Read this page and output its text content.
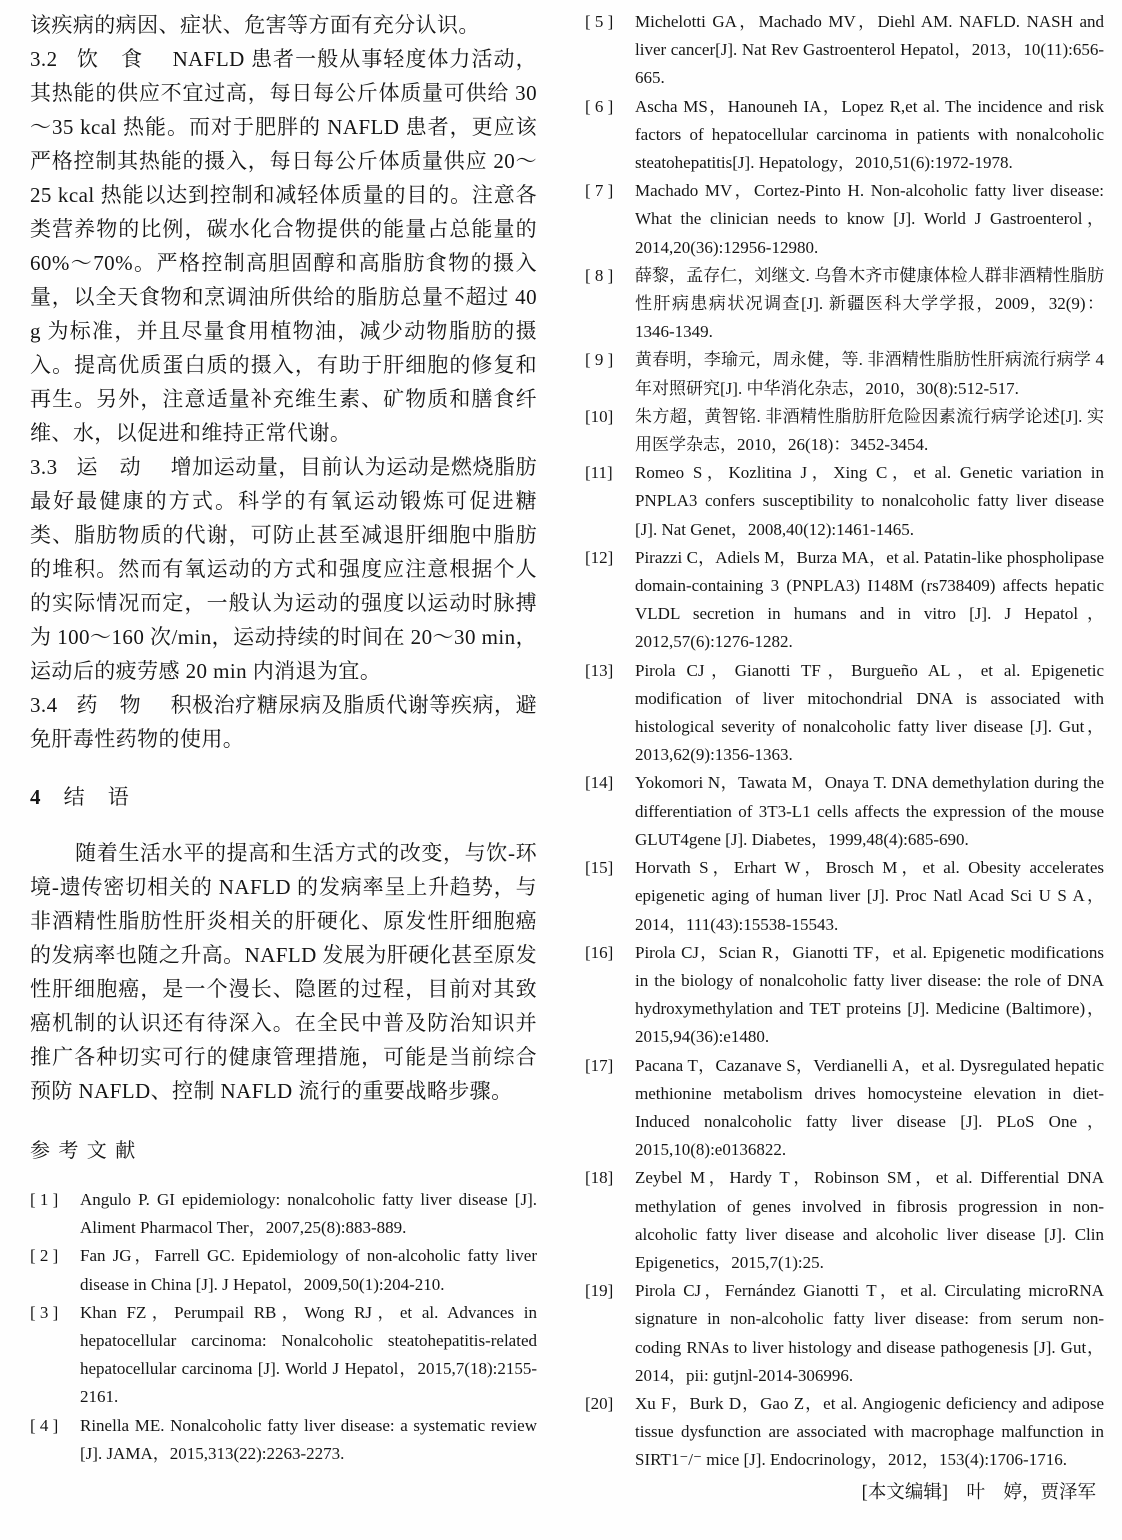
该疾病的病因、症状、危害等方面有充分认识。

3.2 饮　食 NAFLD 患者一般从事轻度体力活动，其热能的供应不宜过高，每日每公斤体质量可供给 30～35 kcal 热能。而对于肥胖的 NAFLD 患者，更应该严格控制其热能的摄入，每日每公斤体质量供应 20～25 kcal 热能以达到控制和减轻体质量的目的。注意各类营养物的比例，碳水化合物提供的能量占总能量的 60%～70%。严格控制高胆固醇和高脂肪食物的摄入量，以全天食物和烹调油所供给的脂肪总量不超过 40 g 为标准，并且尽量食用植物油，减少动物脂肪的摄入。提高优质蛋白质的摄入，有助于肝细胞的修复和再生。另外，注意适量补充维生素、矿物质和膳食纤维、水，以促进和维持正常代谢。

3.3 运　动 增加运动量，目前认为运动是燃烧脂肪最好最健康的方式。科学的有氧运动锻炼可促进糖类、脂肪物质的代谢，可防止甚至减退肝细胞中脂肪的堆积。然而有氧运动的方式和强度应注意根据个人的实际情况而定，一般认为运动的强度以运动时脉搏为 100～160 次/min，运动持续的时间在 20～30 min，运动后的疲劳感 20 min 内消退为宜。

3.4 药　物 积极治疗糖尿病及脂质代谢等疾病，避免肝毒性药物的使用。

4 结　语

随着生活水平的提高和生活方式的改变，与饮-环境-遗传密切相关的 NAFLD 的发病率呈上升趋势，与非酒精性脂肪性肝炎相关的肝硬化、原发性肝细胞癌的发病率也随之升高。NAFLD 发展为肝硬化甚至原发性肝细胞癌，是一个漫长、隐匿的过程，目前对其致癌机制的认识还有待深入。在全民中普及防治知识并推广各种切实可行的健康管理措施，可能是当前综合预防 NAFLD、控制 NAFLD 流行的重要战略步骤。

参考文献
[ 1 ] Angulo P. GI epidemiology: nonalcoholic fatty liver disease [J]. Aliment Pharmacol Ther，2007,25(8):883-889.
[ 2 ] Fan JG，Farrell GC. Epidemiology of non-alcoholic fatty liver disease in China [J]. J Hepatol，2009,50(1):204-210.
[ 3 ] Khan FZ，Perumpail RB，Wong RJ，et al. Advances in hepatocellular carcinoma: Nonalcoholic steatohepatitis-related hepatocellular carcinoma [J]. World J Hepatol，2015,7(18):2155-2161.
[ 4 ] Rinella ME. Nonalcoholic fatty liver disease: a systematic review [J]. JAMA，2015,313(22):2263-2273.
[ 5 ] Michelotti GA，Machado MV，Diehl AM. NAFLD. NASH and liver cancer[J]. Nat Rev Gastroenterol Hepatol，2013，10(11):656-665.
[ 6 ] Ascha MS，Hanouneh IA，Lopez R,et al. The incidence and risk factors of hepatocellular carcinoma in patients with nonalcoholic steatohepatitis[J]. Hepatology，2010,51(6):1972-1978.
[ 7 ] Machado MV，Cortez-Pinto H. Non-alcoholic fatty liver disease: What the clinician needs to know [J]. World J Gastroenterol，2014,20(36):12956-12980.
[ 8 ] 薛黎，孟存仁，刘继文. 乌鲁木齐市健康体检人群非酒精性脂肪性肝病患病状况调查[J]. 新疆医科大学学报，2009，32(9)：1346-1349.
[ 9 ] 黄春明，李瑜元，周永健，等. 非酒精性脂肪性肝病流行病学 4 年对照研究[J]. 中华消化杂志，2010，30(8):512-517.
[10] 朱方超，黄智铭. 非酒精性脂肪肝危险因素流行病学论述[J]. 实用医学杂志，2010，26(18)：3452-3454.
[11] Romeo S，Kozlitina J，Xing C，et al. Genetic variation in PNPLA3 confers susceptibility to nonalcoholic fatty liver disease [J]. Nat Genet，2008,40(12):1461-1465.
[12] Pirazzi C，Adiels M，Burza MA，et al. Patatin-like phospholipase domain-containing 3 (PNPLA3) I148M (rs738409) affects hepatic VLDL secretion in humans and in vitro [J]. J Hepatol，2012,57(6):1276-1282.
[13] Pirola CJ，Gianotti TF，Burgueño AL，et al. Epigenetic modification of liver mitochondrial DNA is associated with histological severity of nonalcoholic fatty liver disease [J]. Gut，2013,62(9):1356-1363.
[14] Yokomori N，Tawata M，Onaya T. DNA demethylation during the differentiation of 3T3-L1 cells affects the expression of the mouse GLUT4gene [J]. Diabetes，1999,48(4):685-690.
[15] Horvath S，Erhart W，Brosch M，et al. Obesity accelerates epigenetic aging of human liver [J]. Proc Natl Acad Sci U S A，2014，111(43):15538-15543.
[16] Pirola CJ，Scian R，Gianotti TF，et al. Epigenetic modifications in the biology of nonalcoholic fatty liver disease: the role of DNA hydroxymethylation and TET proteins [J]. Medicine (Baltimore)，2015,94(36):e1480.
[17] Pacana T，Cazanave S，Verdianelli A，et al. Dysregulated hepatic methionine metabolism drives homocysteine elevation in diet-Induced nonalcoholic fatty liver disease [J]. PLoS One，2015,10(8):e0136822.
[18] Zeybel M，Hardy T，Robinson SM，et al. Differential DNA methylation of genes involved in fibrosis progression in non-alcoholic fatty liver disease and alcoholic liver disease [J]. Clin Epigenetics，2015,7(1):25.
[19] Pirola CJ，Fernández Gianotti T，et al. Circulating microRNA signature in non-alcoholic fatty liver disease: from serum non-coding RNAs to liver histology and disease pathogenesis [J]. Gut，2014，pii: gutjnl-2014-306996.
[20] Xu F，Burk D，Gao Z，et al. Angiogenic deficiency and adipose tissue dysfunction are associated with macrophage malfunction in SIRT1⁻/⁻ mice [J]. Endocrinology，2012，153(4):1706-1716.

[本文编辑]　叶　婷，贾泽军
